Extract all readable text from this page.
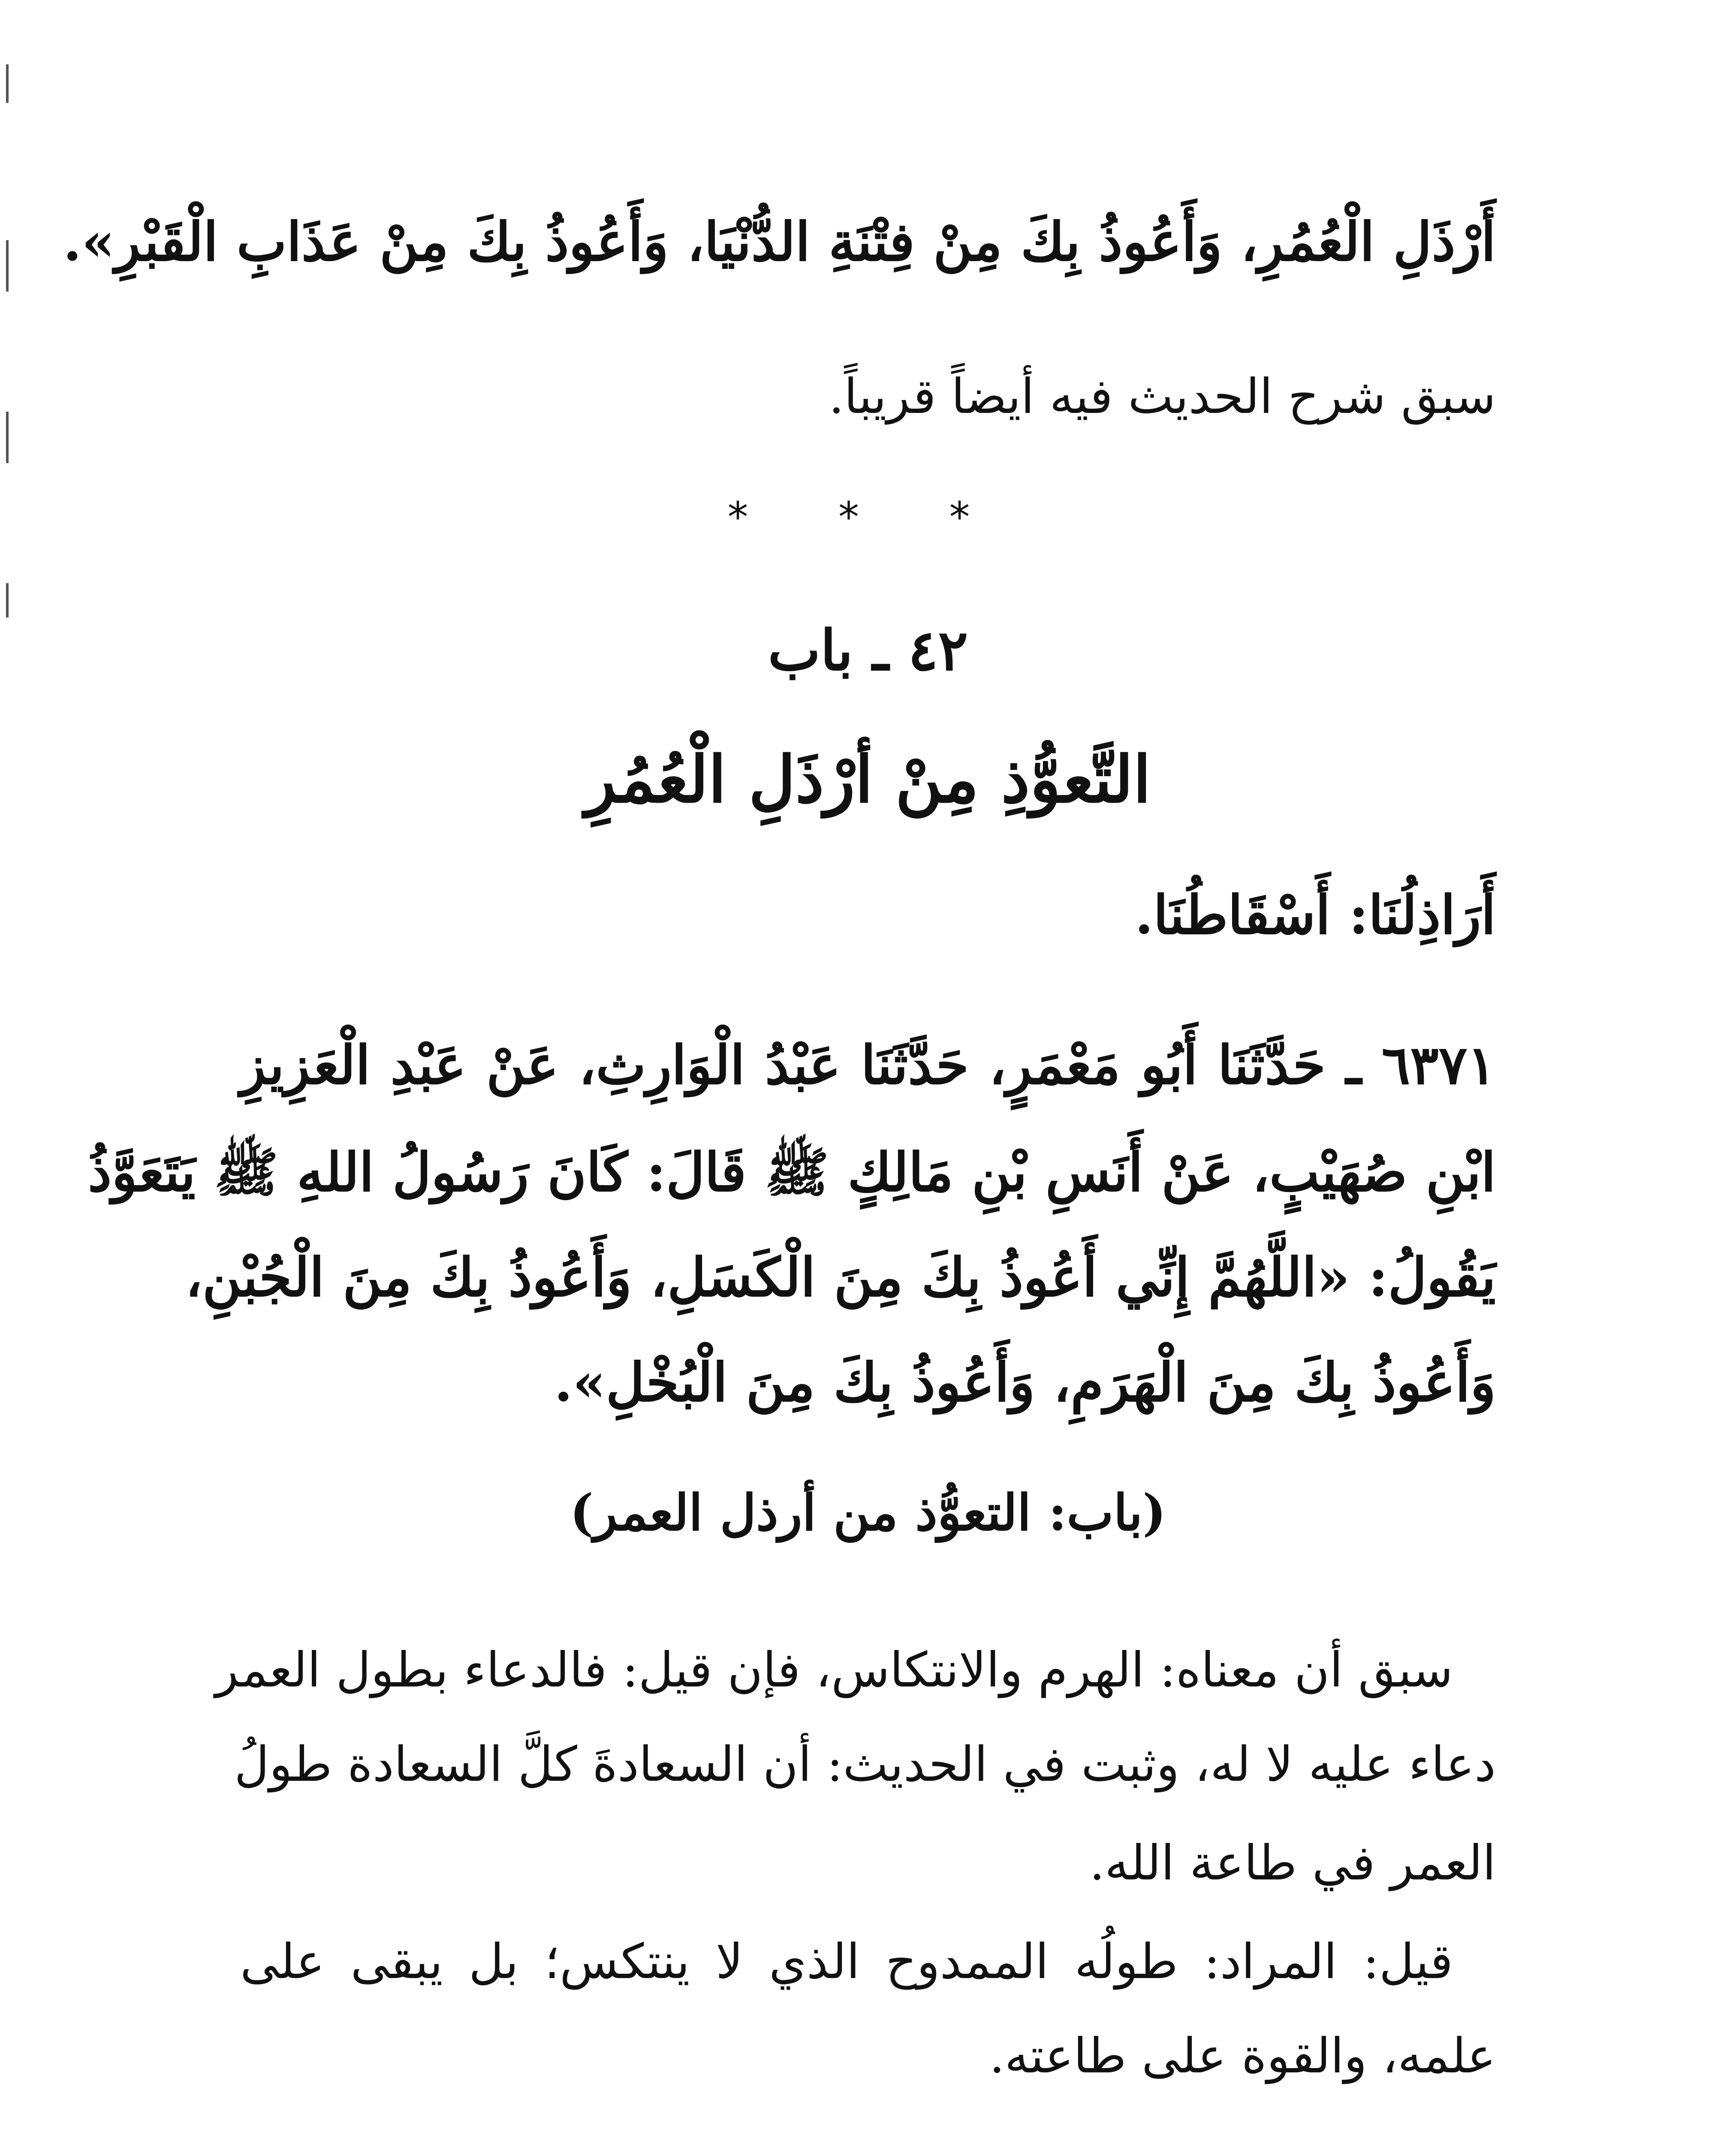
أَرْذَلِ الْعُمُرِ، وَأَعُوذُ بِكَ مِنْ فِتْنَةِ الدُّنْيَا، وَأَعُوذُ بِكَ مِنْ عَذَابِ الْقَبْرِ».
سبق شرح الحديث فيه أيضاً قريباً.
* * *
٤٢ ـ باب
التَّعوُّذِ مِنْ أرْذَلِ الْعُمُرِ
أَرَاذِلُنَا: أَسْقَاطُنَا.
٦٣٧١ ـ حَدَّثَنَا أَبُو مَعْمَرٍ، حَدَّثَنَا عَبْدُ الْوَارِثِ، عَنْ عَبْدِ الْعَزِيزِ
ابْنِ صُهَيْبٍ، عَنْ أَنَسِ بْنِ مَالِكٍ ﷺ قَالَ: كَانَ رَسُولُ اللهِ ﷺ يَتَعَوَّذُ
يَقُولُ: «اللَّهُمَّ إِنِّي أَعُوذُ بِكَ مِنَ الْكَسَلِ، وَأَعُوذُ بِكَ مِنَ الْجُبْنِ،
وَأَعُوذُ بِكَ مِنَ الْهَرَمِ، وَأَعُوذُ بِكَ مِنَ الْبُخْلِ».
(باب: التعوُّذ من أرذل العمر)
سبق أن معناه: الهرم والانتكاس، فإن قيل: فالدعاء بطول العمر
دعاء عليه لا له، وثبت في الحديث: أن السعادةَ كلَّ السعادة طولُ
العمر في طاعة الله.
قيل: المراد: طولُه الممدوح الذي لا ينتكس؛ بل يبقى على
علمه، والقوة على طاعته.
